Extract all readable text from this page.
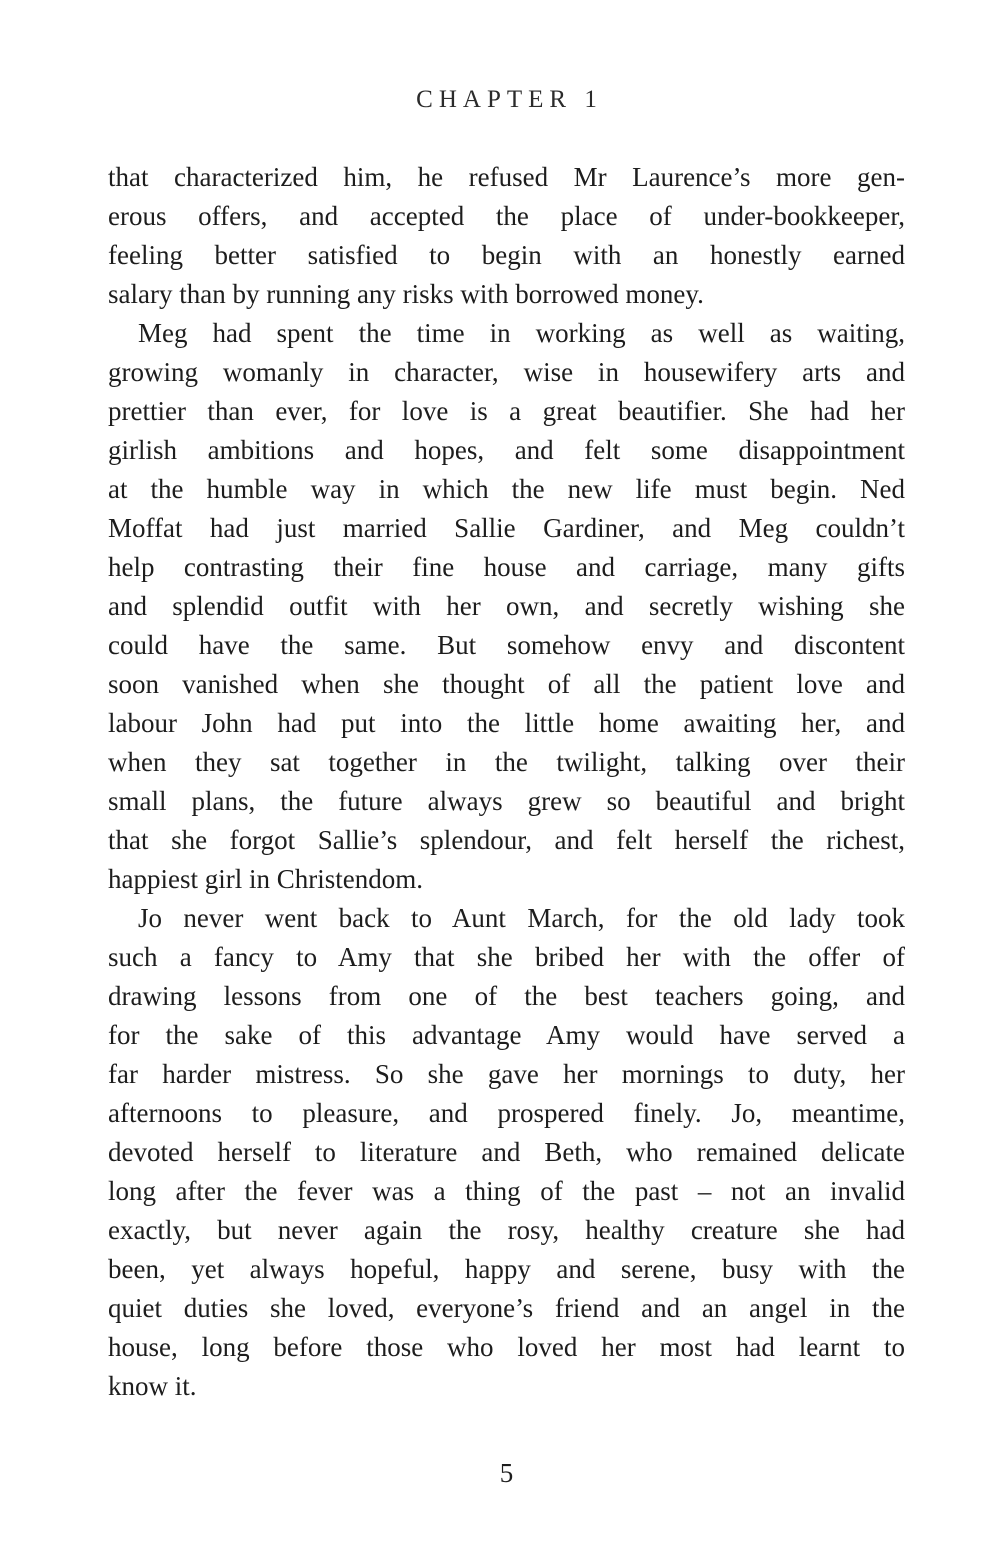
CHAPTER 1
that characterized him, he refused Mr Laurence’s more gen-
erous offers, and accepted the place of under-bookkeeper,
feeling better satisfied to begin with an honestly earned
salary than by running any risks with borrowed money.
Meg had spent the time in working as well as waiting,
growing womanly in character, wise in housewifery arts and
prettier than ever, for love is a great beautifier. She had her
girlish ambitions and hopes, and felt some disappointment
at the humble way in which the new life must begin. Ned
Moffat had just married Sallie Gardiner, and Meg couldn’t
help contrasting their fine house and carriage, many gifts
and splendid outfit with her own, and secretly wishing she
could have the same. But somehow envy and discontent
soon vanished when she thought of all the patient love and
labour John had put into the little home awaiting her, and
when they sat together in the twilight, talking over their
small plans, the future always grew so beautiful and bright
that she forgot Sallie’s splendour, and felt herself the richest,
happiest girl in Christendom.
Jo never went back to Aunt March, for the old lady took
such a fancy to Amy that she bribed her with the offer of
drawing lessons from one of the best teachers going, and
for the sake of this advantage Amy would have served a
far harder mistress. So she gave her mornings to duty, her
afternoons to pleasure, and prospered finely. Jo, meantime,
devoted herself to literature and Beth, who remained delicate
long after the fever was a thing of the past – not an invalid
exactly, but never again the rosy, healthy creature she had
been, yet always hopeful, happy and serene, busy with the
quiet duties she loved, everyone’s friend and an angel in the
house, long before those who loved her most had learnt to
know it.
5
